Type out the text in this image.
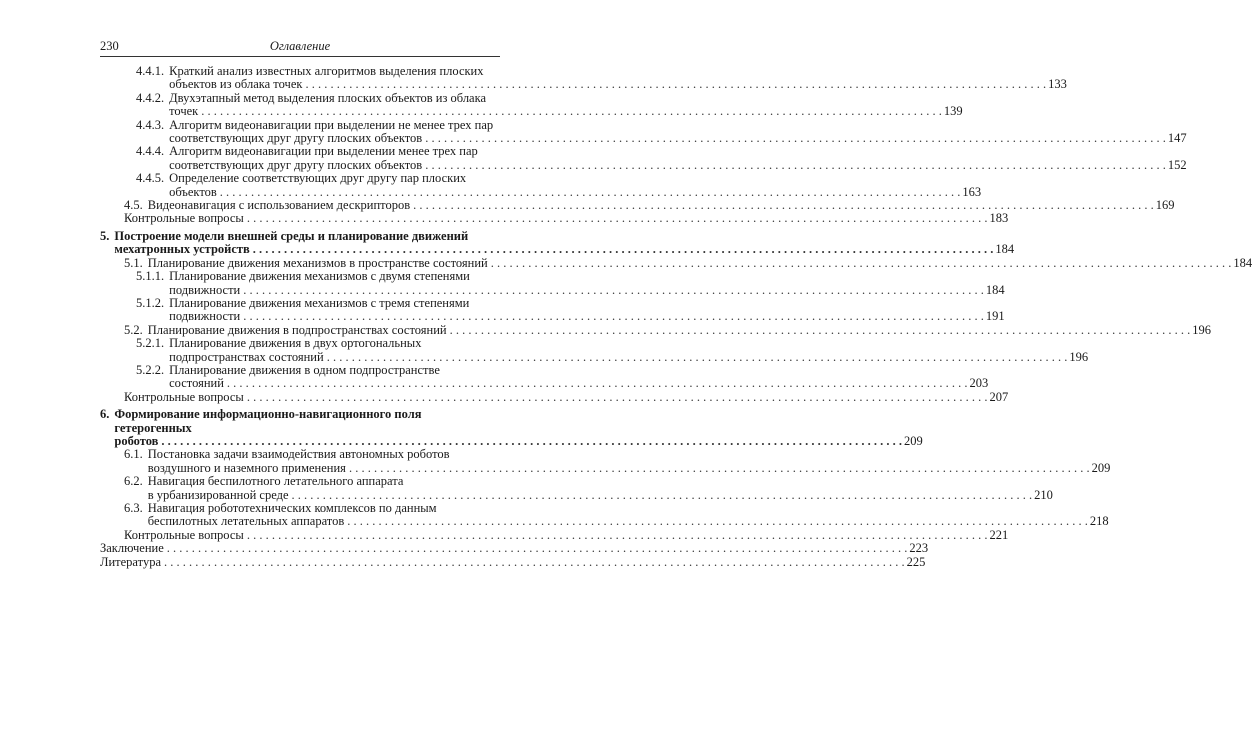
230	Оглавление
4.4.1. Краткий анализ известных алгоритмов выделения плоских
объектов из облака точек . . .	133
4.4.2. Двухэтапный метод выделения плоских объектов из облака
точек . . .	139
4.4.3. Алгоритм видеонавигации при выделении не менее трех пар
соответствующих друг другу плоских объектов . . .	147
4.4.4. Алгоритм видеонавигации при выделении менее трех пар
соответствующих друг другу плоских объектов . . .	152
4.4.5. Определение соответствующих друг другу пар плоских
объектов . . .	163
4.5. Видеонавигация с использованием дескрипторов . . .	169
Контрольные вопросы . . .	183
5. Построение модели внешней среды и планирование движений
мехатронных устройств . . .	184
5.1. Планирование движения механизмов в пространстве состояний . . .	184
5.1.1. Планирование движения механизмов с двумя степенями
подвижности . . .	184
5.1.2. Планирование движения механизмов с тремя степенями
подвижности . . .	191
5.2. Планирование движения в подпространствах состояний . . .	196
5.2.1. Планирование движения в двух ортогональных
подпространствах состояний . . .	196
5.2.2. Планирование движения в одном подпространстве
состояний . . .	203
Контрольные вопросы . . .	207
6. Формирование информационно-навигационного поля гетерогенных
роботов . . .	209
6.1. Постановка задачи взаимодействия автономных роботов
воздушного и наземного применения . . .	209
6.2. Навигация беспилотного летательного аппарата
в урбанизированной среде . . .	210
6.3. Навигация робототехнических комплексов по данным
беспилотных летательных аппаратов . . .	218
Контрольные вопросы . . .	221
Заключение . . .	223
Литература . . .	225
